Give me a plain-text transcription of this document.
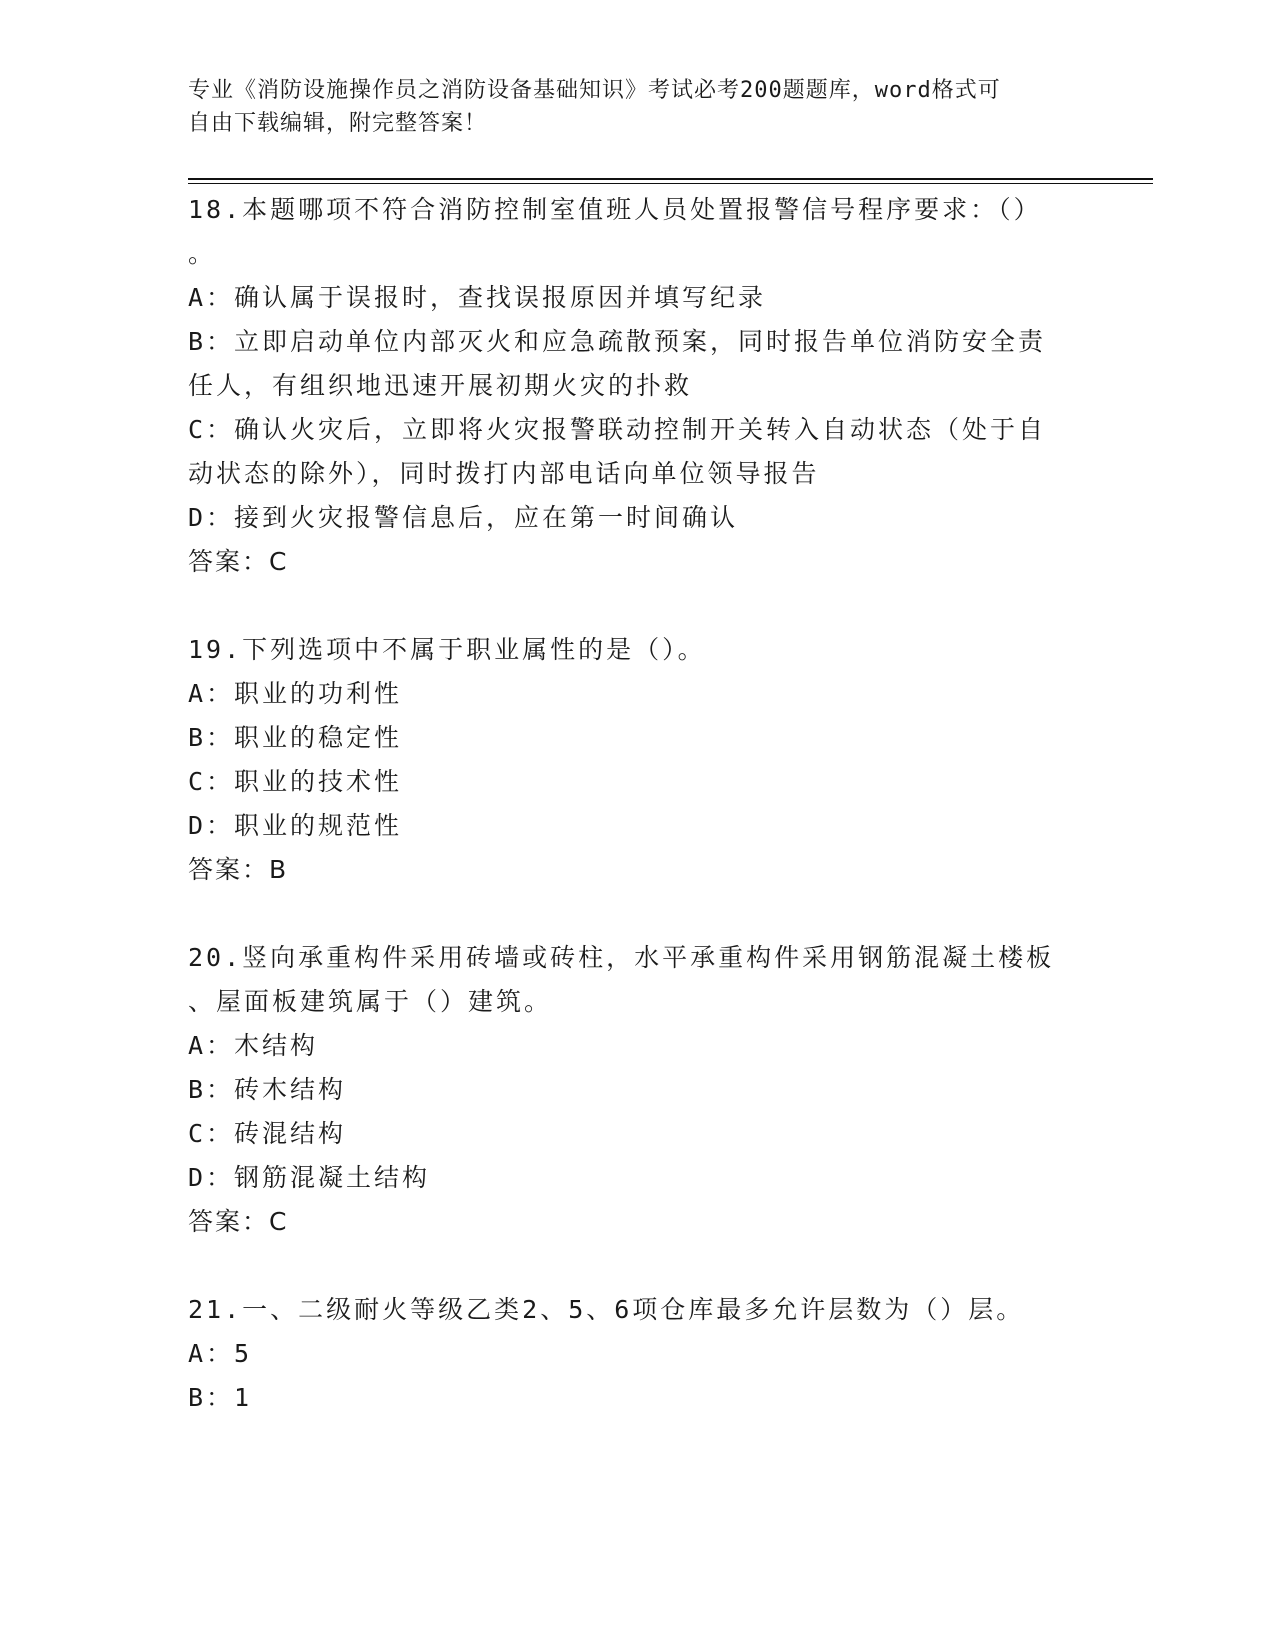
专业《消防设施操作员之消防设备基础知识》考试必考200题题库，word格式可
自由下载编辑，附完整答案！

18.本题哪项不符合消防控制室值班人员处置报警信号程序要求：（）

。

A：确认属于误报时，查找误报原因并填写纪录

B：立即启动单位内部灭火和应急疏散预案，同时报告单位消防安全责

任人，有组织地迅速开展初期火灾的扑救

C：确认火灾后，立即将火灾报警联动控制开关转入自动状态（处于自

动状态的除外），同时拨打内部电话向单位领导报告

D：接到火灾报警信息后，应在第一时间确认

答案：C

19.下列选项中不属于职业属性的是（）。

A：职业的功利性

B：职业的稳定性

C：职业的技术性

D：职业的规范性

答案：B

20.竖向承重构件采用砖墙或砖柱，水平承重构件采用钢筋混凝土楼板

、屋面板建筑属于（）建筑。

A：木结构

B：砖木结构

C：砖混结构

D：钢筋混凝土结构

答案：C

21.一、二级耐火等级乙类2、5、6项仓库最多允许层数为（）层。

A：5

B：1
